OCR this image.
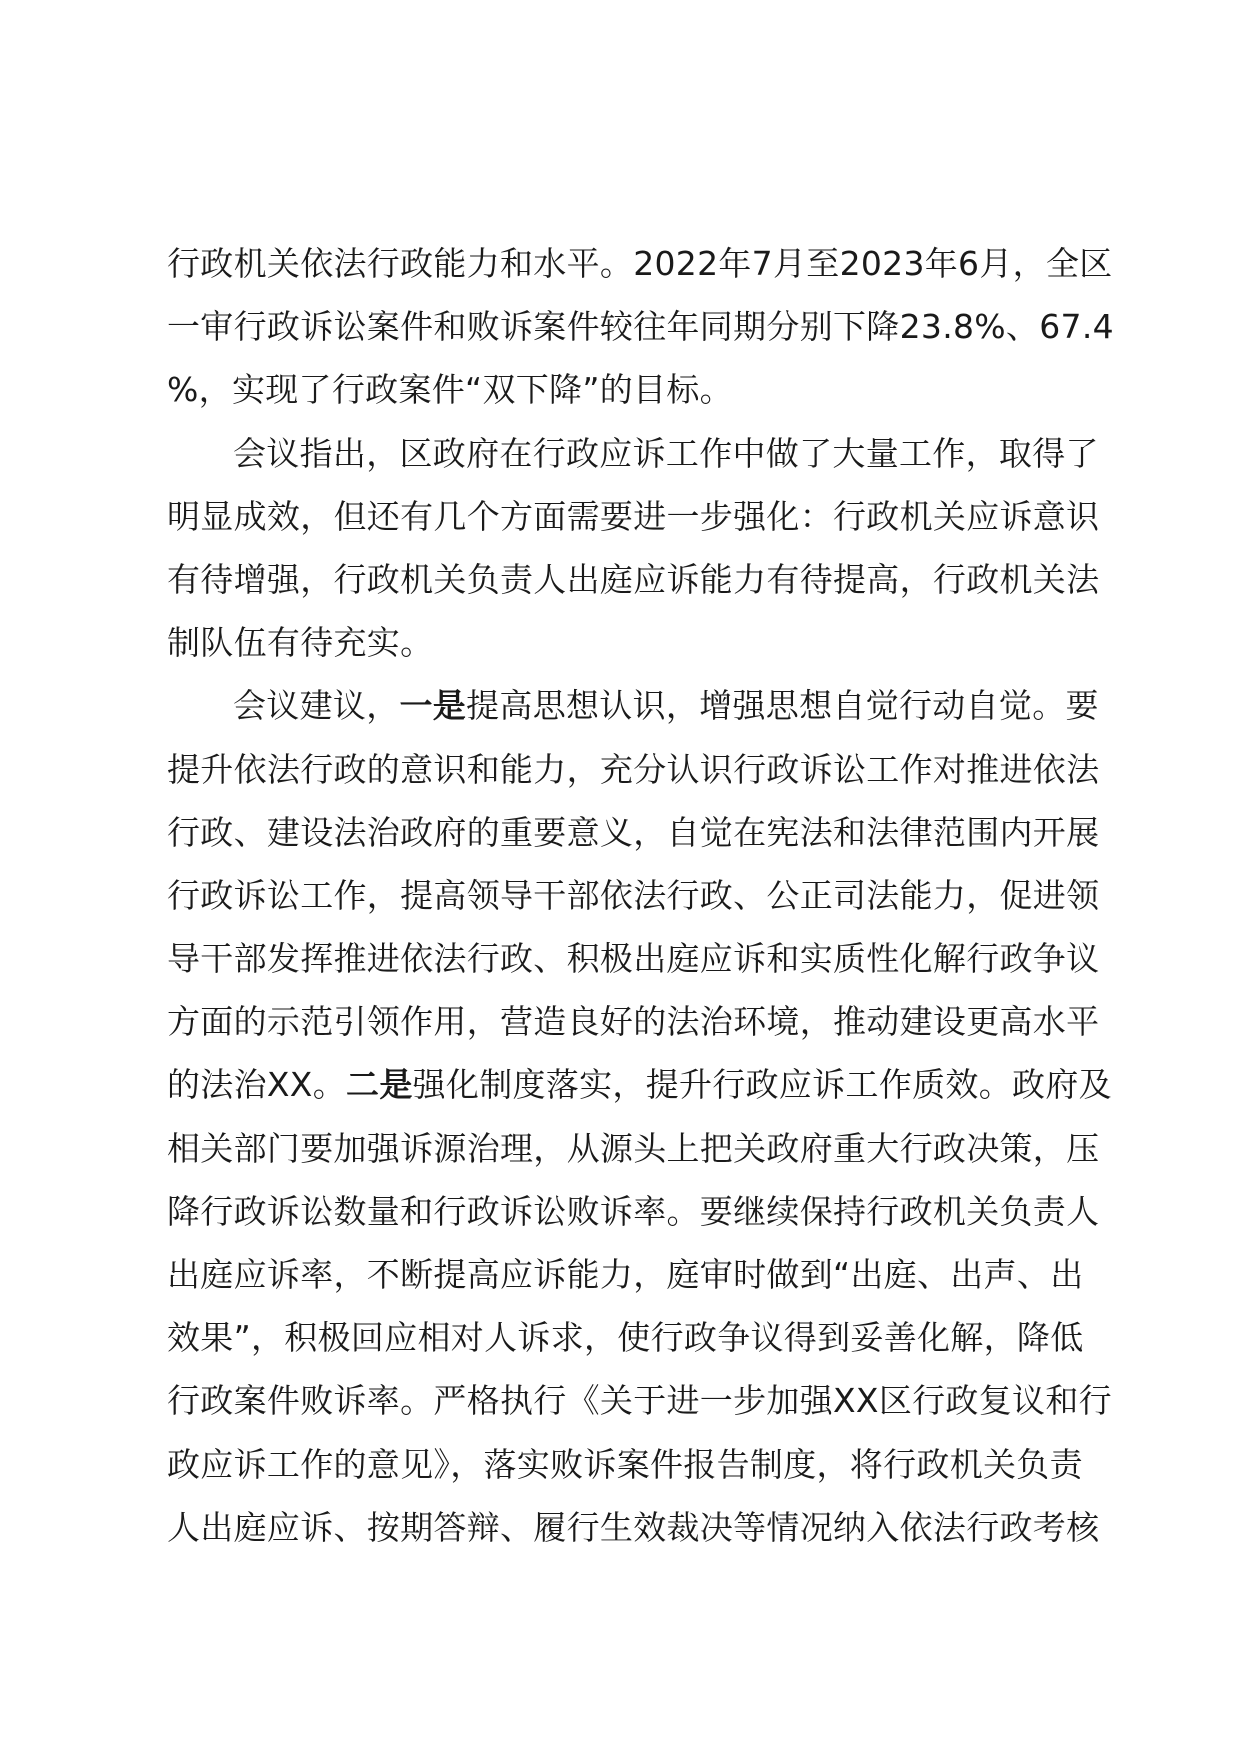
行政机关依法行政能力和水平。2022年7月至2023年6月，全区
一审行政诉讼案件和败诉案件较往年同期分别下降23.8%、67.4
%，实现了行政案件“双下降”的目标。
会议指出，区政府在行政应诉工作中做了大量工作，取得了
明显成效，但还有几个方面需要进一步强化：行政机关应诉意识
有待增强，行政机关负责人出庭应诉能力有待提高，行政机关法
制队伍有待充实。
会议建议，一是提高思想认识，增强思想自觉行动自觉。要
提升依法行政的意识和能力，充分认识行政诉讼工作对推进依法
行政、建设法治政府的重要意义，自觉在宪法和法律范围内开展
行政诉讼工作，提高领导干部依法行政、公正司法能力，促进领
导干部发挥推进依法行政、积极出庭应诉和实质性化解行政争议
方面的示范引领作用，营造良好的法治环境，推动建设更高水平
的法治XX。二是强化制度落实，提升行政应诉工作质效。政府及
相关部门要加强诉源治理，从源头上把关政府重大行政决策，压
降行政诉讼数量和行政诉讼败诉率。要继续保持行政机关负责人
出庭应诉率，不断提高应诉能力，庭审时做到“出庭、出声、出
效果”，积极回应相对人诉求，使行政争议得到妥善化解，降低
行政案件败诉率。严格执行《关于进一步加强XX区行政复议和行
政应诉工作的意见》，落实败诉案件报告制度，将行政机关负责
人出庭应诉、按期答辩、履行生效裁决等情况纳入依法行政考核
